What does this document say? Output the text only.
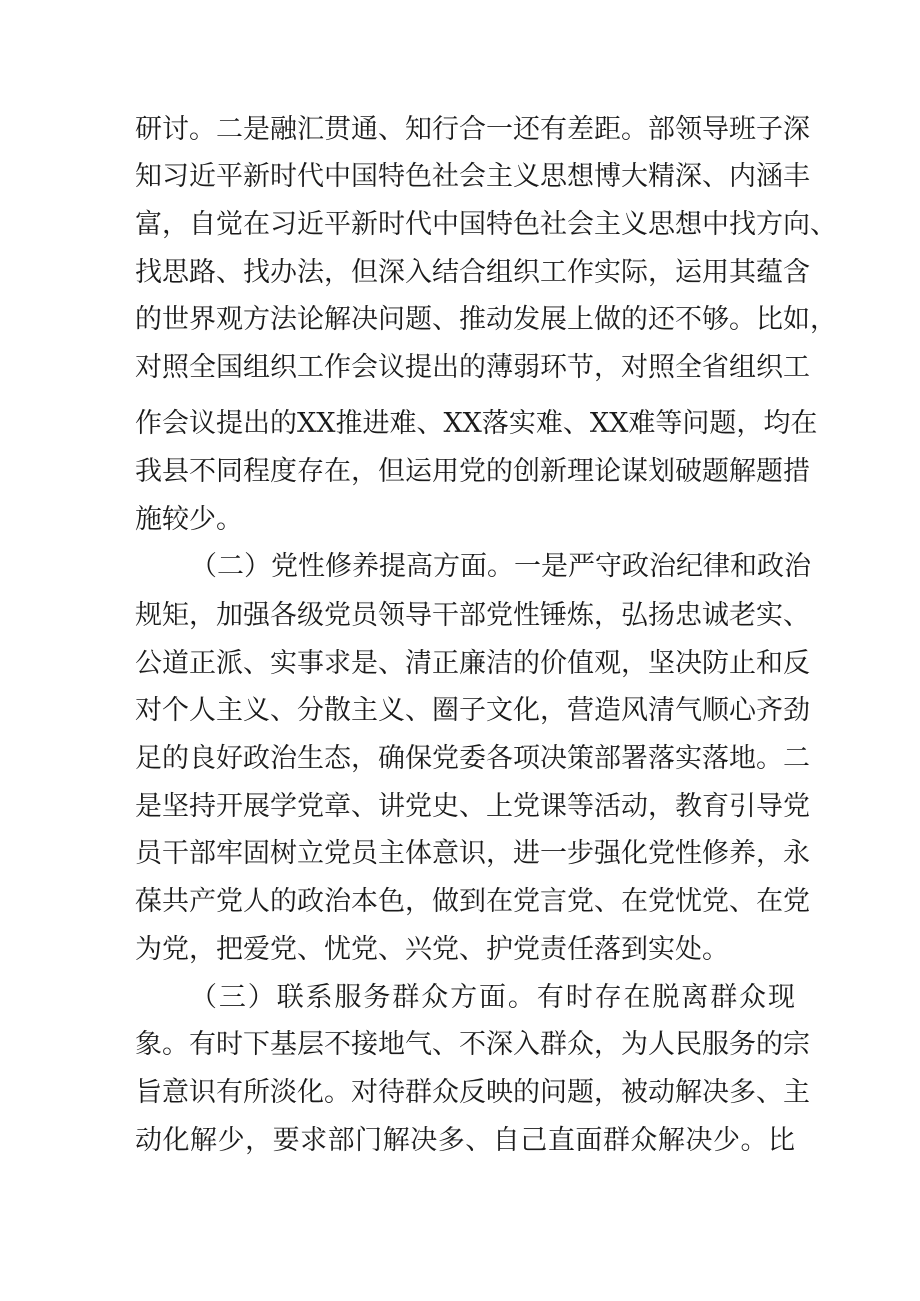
研讨。二是融汇贯通、知行合一还有差距。部领导班子深
知习近平新时代中国特色社会主义思想博大精深、内涵丰
富，自觉在习近平新时代中国特色社会主义思想中找方向、
找思路、找办法，但深入结合组织工作实际，运用其蕴含
的世界观方法论解决问题、推动发展上做的还不够。比如，
对照全国组织工作会议提出的薄弱环节，对照全省组织工
作会议提出的XX推进难、XX落实难、XX难等问题，均在
我县不同程度存在，但运用党的创新理论谋划破题解题措
施较少。
（二）党性修养提高方面。一是严守政治纪律和政治
规矩，加强各级党员领导干部党性锤炼，弘扬忠诚老实、
公道正派、实事求是、清正廉洁的价值观，坚决防止和反
对个人主义、分散主义、圈子文化，营造风清气顺心齐劲
足的良好政治生态，确保党委各项决策部署落实落地。二
是坚持开展学党章、讲党史、上党课等活动，教育引导党
员干部牢固树立党员主体意识，进一步强化党性修养，永
葆共产党人的政治本色，做到在党言党、在党忧党、在党
为党，把爱党、忧党、兴党、护党责任落到实处。
（三）联系服务群众方面。有时存在脱离群众现
象。有时下基层不接地气、不深入群众，为人民服务的宗
旨意识有所淡化。对待群众反映的问题，被动解决多、主
动化解少，要求部门解决多、自己直面群众解决少。比
